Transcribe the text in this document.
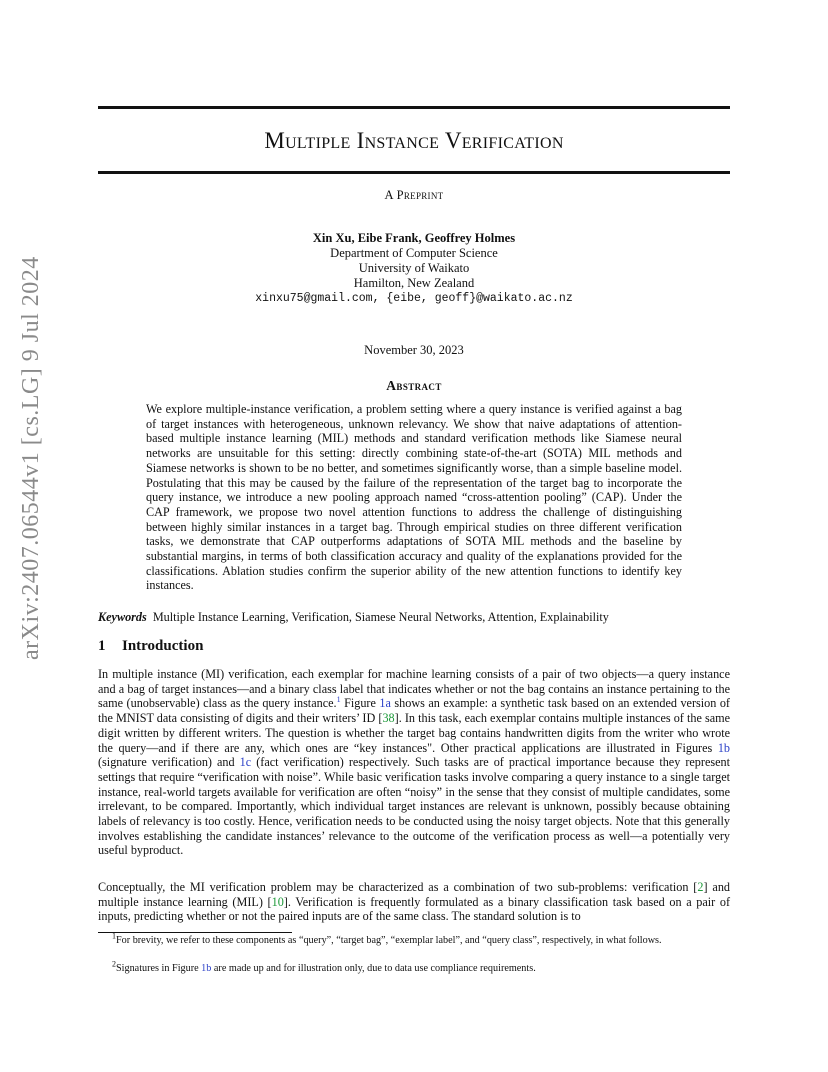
arXiv:2407.06544v1 [cs.LG] 9 Jul 2024
Multiple Instance Verification
A Preprint
Xin Xu, Eibe Frank, Geoffrey Holmes
Department of Computer Science
University of Waikato
Hamilton, New Zealand
xinxu75@gmail.com, {eibe, geoff}@waikato.ac.nz
November 30, 2023
Abstract

We explore multiple-instance verification, a problem setting where a query instance is verified against a bag of target instances with heterogeneous, unknown relevancy. We show that naive adaptations of attention-based multiple instance learning (MIL) methods and standard verification methods like Siamese neural networks are unsuitable for this setting: directly combining state-of-the-art (SOTA) MIL methods and Siamese networks is shown to be no better, and sometimes significantly worse, than a simple baseline model. Postulating that this may be caused by the failure of the representation of the target bag to incorporate the query instance, we introduce a new pooling approach named “cross-attention pooling” (CAP). Under the CAP framework, we propose two novel attention functions to address the challenge of distinguishing between highly similar instances in a target bag. Through empirical studies on three different verification tasks, we demonstrate that CAP outperforms adaptations of SOTA MIL methods and the baseline by substantial margins, in terms of both classification accuracy and quality of the explanations provided for the classifications. Ablation studies confirm the superior ability of the new attention functions to identify key instances.

Keywords Multiple Instance Learning, Verification, Siamese Neural Networks, Attention, Explainability

1 Introduction

In multiple instance (MI) verification, each exemplar for machine learning consists of a pair of two objects—a query instance and a bag of target instances—and a binary class label that indicates whether or not the bag contains an instance pertaining to the same (unobservable) class as the query instance.$^1$ Figure 1a shows an example: a synthetic task based on an extended version of the MNIST data consisting of digits and their writers’ ID [38]. In this task, each exemplar contains multiple instances of the same digit written by different writers. The question is whether the target bag contains handwritten digits from the writer who wrote the query—and if there are any, which ones are “key instances". Other practical applications are illustrated in Figures 1b (signature verification) and 1c (fact verification) respectively. Such tasks are of practical importance because they represent settings that require “verification with noise”. While basic verification tasks involve comparing a query instance to a single target instance, real-world targets available for verification are often “noisy” in the sense that they consist of multiple candidates, some irrelevant, to be compared. Importantly, which individual target instances are relevant is unknown, possibly because obtaining labels of relevancy is too costly. Hence, verification needs to be conducted using the noisy target objects. Note that this generally involves establishing the candidate instances’ relevance to the outcome of the verification process as well—a potentially very useful byproduct.

Conceptually, the MI verification problem may be characterized as a combination of two sub-problems: verification [2] and multiple instance learning (MIL) [10]. Verification is frequently formulated as a binary classification task based on a pair of inputs, predicting whether or not the paired inputs are of the same class. The standard solution is to

$^1$For brevity, we refer to these components as “query”, “target bag”, “exemplar label”, and “query class”, respectively, in what follows.

$^2$Signatures in Figure 1b are made up and for illustration only, due to data use compliance requirements.
